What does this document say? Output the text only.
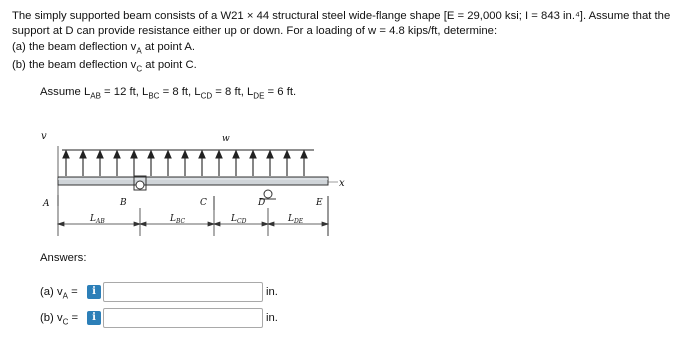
The simply supported beam consists of a W21 × 44 structural steel wide-flange shape [E = 29,000 ksi; I = 843 in.⁴]. Assume that the
support at D can provide resistance either up or down. For a loading of w = 4.8 kips/ft, determine:
(a) the beam deflection $v_A$ at point A.
(b) the beam deflection $v_C$ at point C.
Assume $L_{AB} = 12$ ft, $L_{BC} = 8$ ft, $L_{CD} = 8$ ft, $L_{DE} = 6$ ft.
v
x
w
A	B	C	D	E
$L_{AB}$	$L_{BC}$	$L_{CD}$	$L_{DE}$
Answers:
(a) $v_A$ =	i	in.
(b) $v_C$ =	i	in.
